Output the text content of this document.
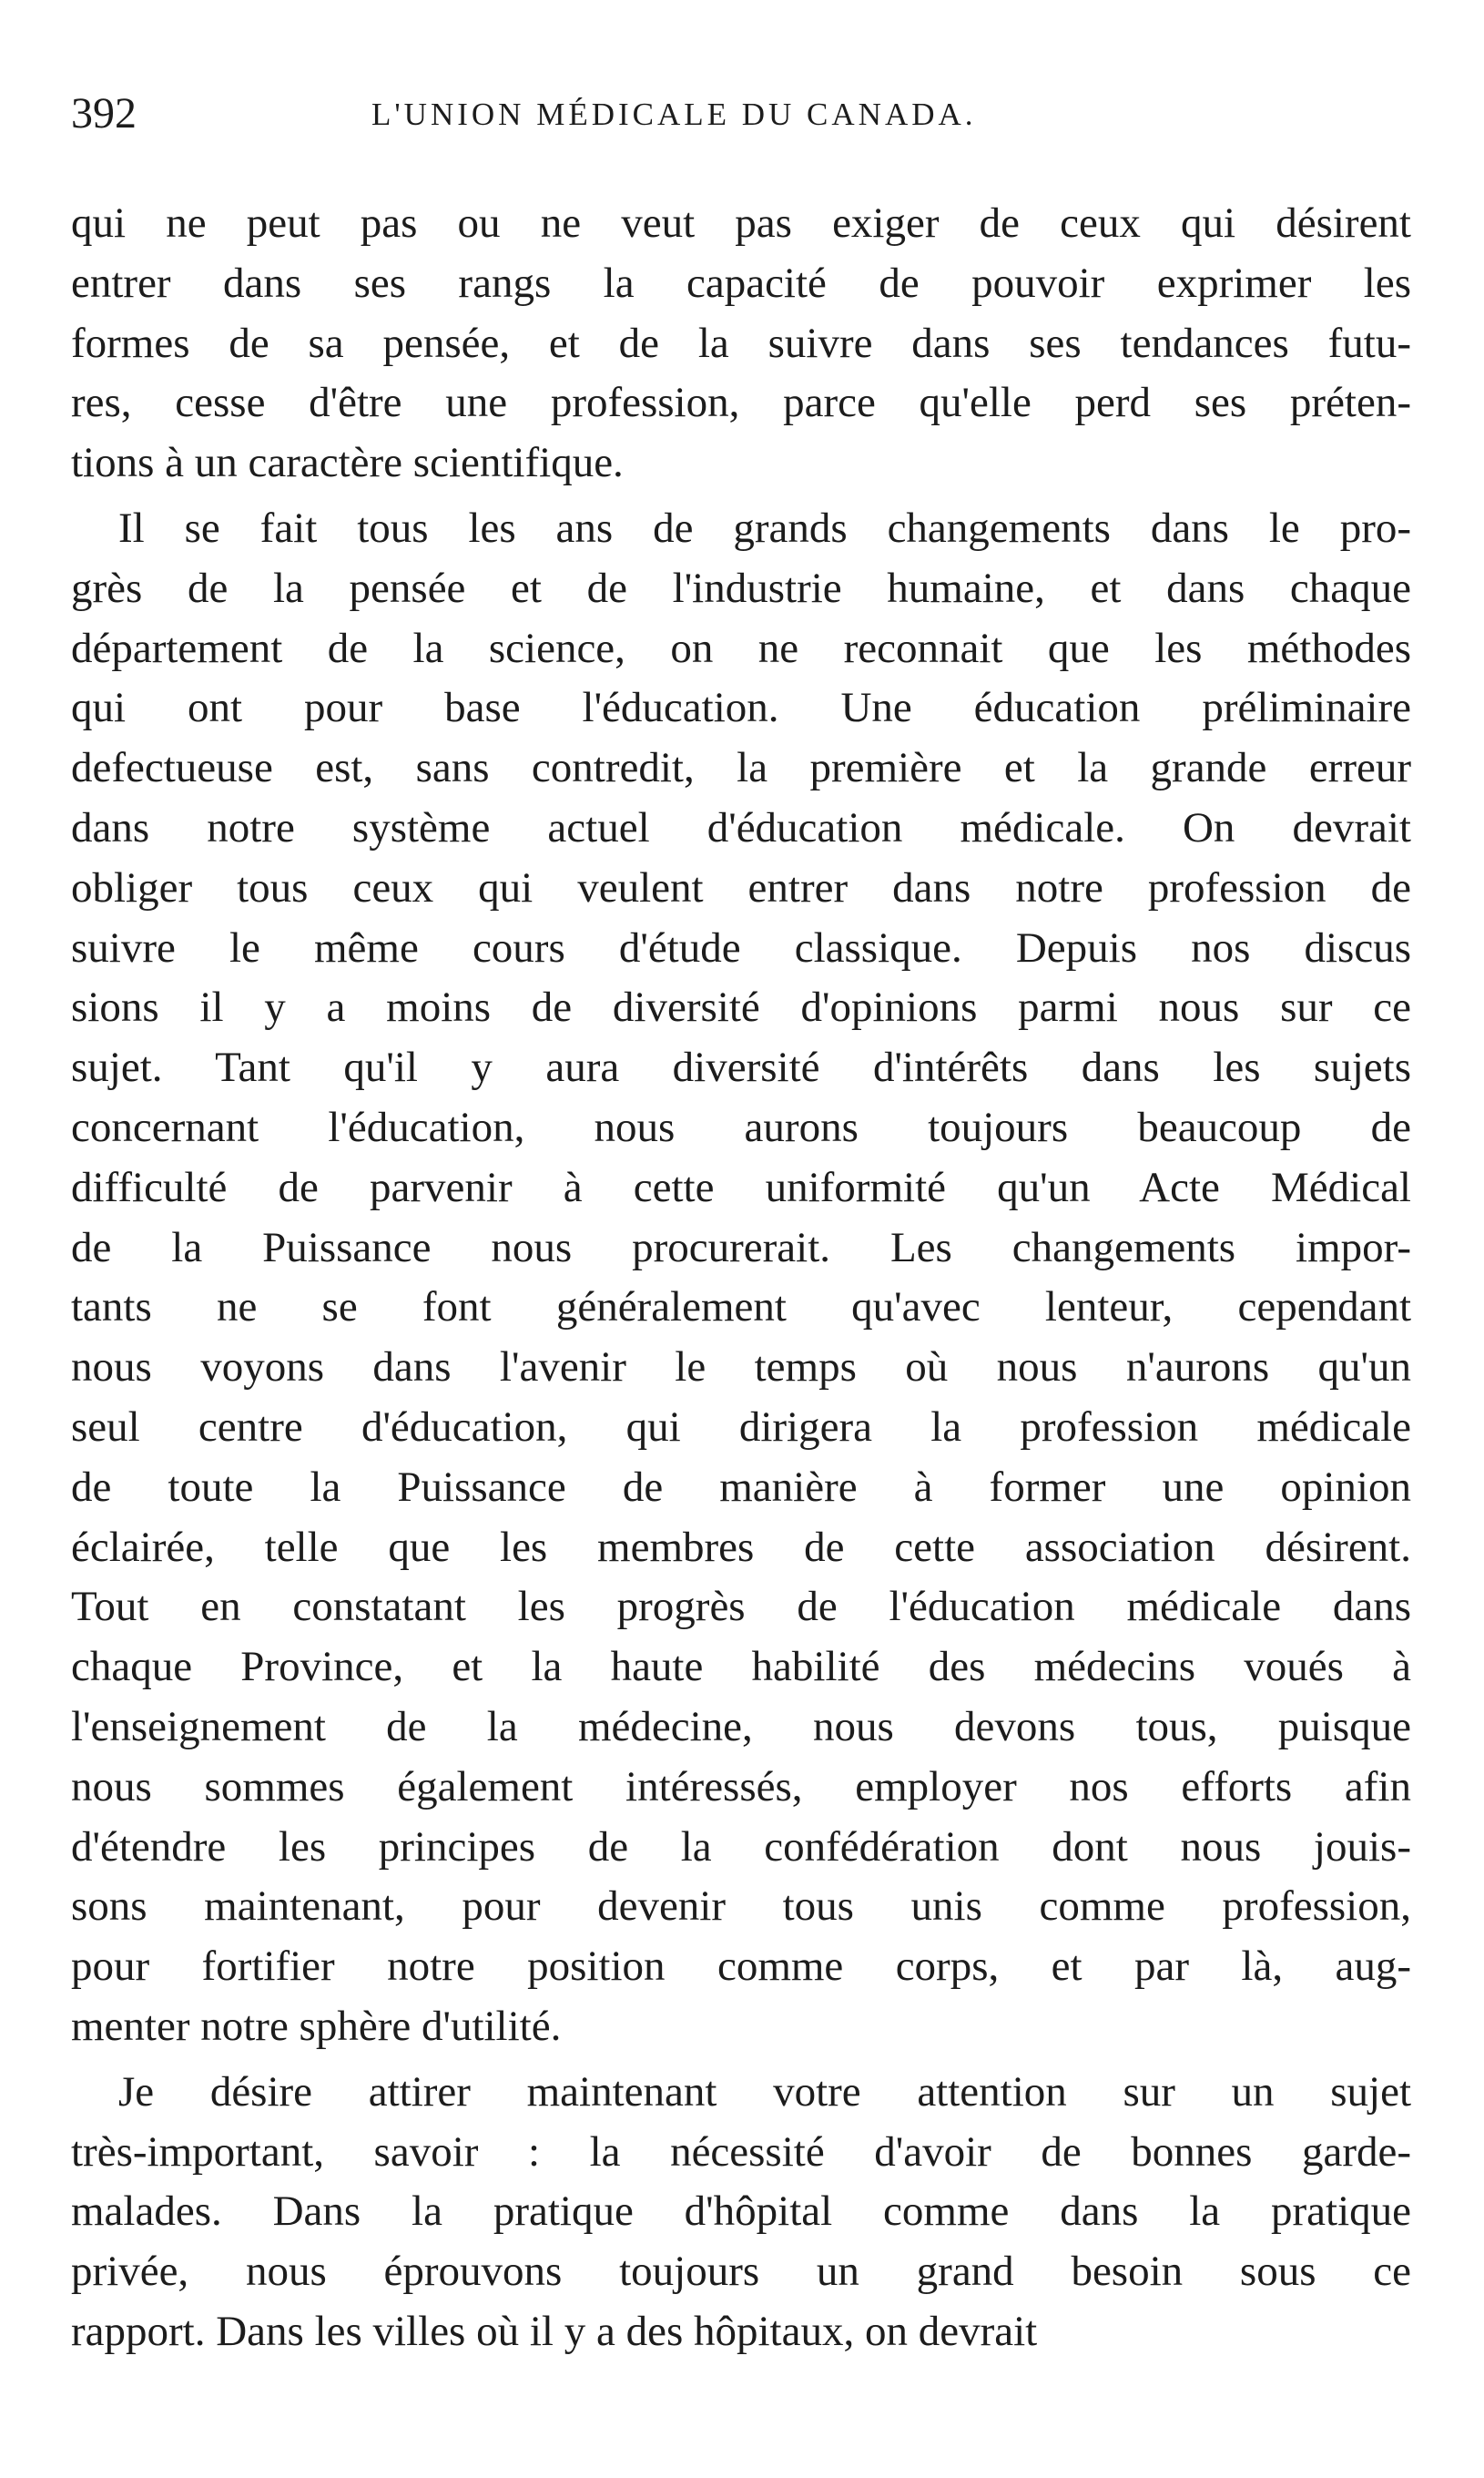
392	L'UNION MÉDICALE DU CANADA.
qui ne peut pas ou ne veut pas exiger de ceux qui désirent
entrer dans ses rangs la capacité de pouvoir exprimer les
formes de sa pensée, et de la suivre dans ses tendances futu-
res, cesse d'être une profession, parce qu'elle perd ses préten-
tions à un caractère scientifique.
Il se fait tous les ans de grands changements dans le pro-
grès de la pensée et de l'industrie humaine, et dans chaque
département de la science, on ne reconnait que les méthodes
qui ont pour base l'éducation. Une éducation préliminaire
defectueuse est, sans contredit, la première et la grande erreur
dans notre système actuel d'éducation médicale. On devrait
obliger tous ceux qui veulent entrer dans notre profession de
suivre le même cours d'étude classique. Depuis nos discus
sions il y a moins de diversité d'opinions parmi nous sur ce
sujet. Tant qu'il y aura diversité d'intérêts dans les sujets
concernant l'éducation, nous aurons toujours beaucoup de
difficulté de parvenir à cette uniformité qu'un Acte Médical
de la Puissance nous procurerait. Les changements impor-
tants ne se font généralement qu'avec lenteur, cependant
nous voyons dans l'avenir le temps où nous n'aurons qu'un
seul centre d'éducation, qui dirigera la profession médicale
de toute la Puissance de manière à former une opinion
éclairée, telle que les membres de cette association désirent.
Tout en constatant les progrès de l'éducation médicale dans
chaque Province, et la haute habilité des médecins voués à
l'enseignement de la médecine, nous devons tous, puisque
nous sommes également intéressés, employer nos efforts afin
d'étendre les principes de la confédération dont nous jouis-
sons maintenant, pour devenir tous unis comme profession,
pour fortifier notre position comme corps, et par là, aug-
menter notre sphère d'utilité.
Je désire attirer maintenant votre attention sur un sujet
très-important, savoir : la nécessité d'avoir de bonnes garde-
malades. Dans la pratique d'hôpital comme dans la pratique
privée, nous éprouvons toujours un grand besoin sous ce
rapport. Dans les villes où il y a des hôpitaux, on devrait
